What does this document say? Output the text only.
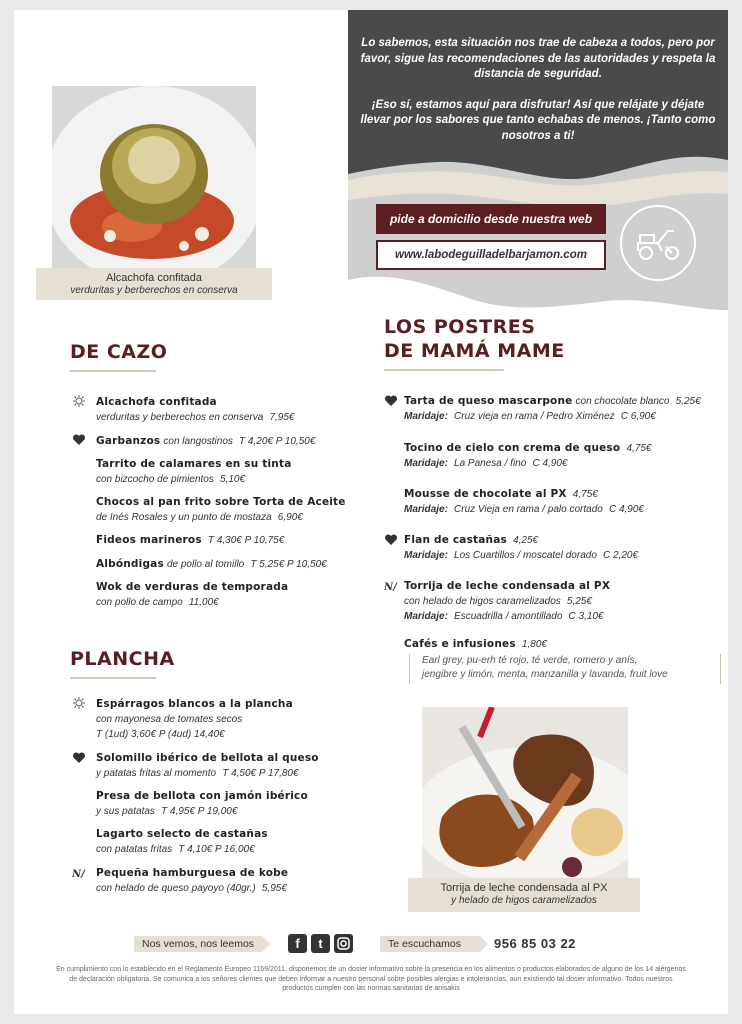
Lo sabemos, esta situación nos trae de cabeza a todos, pero por favor, sigue las recomendaciones de las autoridades y respeta la distancia de seguridad.

¡Eso sí, estamos aquí para disfrutar! Así que relájate y déjate llevar por los sabores que tanto echabas de menos. ¡Tanto como nosotros a ti!

pide a domicilio desde nuestra web
www.labodeguilladelbarjamon.com
Alcachofa confitada
verduritas y berberechos en conserva
DE CAZO
Alcachofa confitada
verduritas y berberechos en conserva 7,95€
Garbanzos con langostinos T 4,20€ P 10,50€
Tarrito de calamares en su tinta
con bizcocho de pimientos 5,10€
Chocos al pan frito sobre Torta de Aceite
de Inés Rosales y un punto de mostaza 6,90€
Fideos marineros T 4,30€ P 10,75€
Albóndigas de pollo al tomillo T 5,25€ P 10,50€
Wok de verduras de temporada
con pollo de campo 11,00€
PLANCHA
Espárragos blancos a la plancha
con mayonesa de tomates secos
T (1ud) 3,60€ P (4ud) 14,40€
Solomillo ibérico de bellota al queso
y patatas fritas al momento T 4,50€ P 17,80€
Presa de bellota con jamón ibérico
y sus patatas T 4,95€ P 19,00€
Lagarto selecto de castañas
con patatas fritas T 4,10€ P 16,00€
N/ Pequeña hamburguesa de kobe
con helado de queso payoyo (40gr.) 5,95€
LOS POSTRES
DE MAMÁ MAME
Tarta de queso mascarpone con chocolate blanco 5,25€
Maridaje: Cruz vieja en rama / Pedro Ximénez C 6,90€
Tocino de cielo con crema de queso 4,75€
Maridaje: La Panesa / fino C 4,90€
Mousse de chocolate al PX 4,75€
Maridaje: Cruz Vieja en rama / palo cortado C 4,90€
Flan de castañas 4,25€
Maridaje: Los Cuartillos / moscatel dorado C 2,20€
N/ Torrija de leche condensada al PX
con helado de higos caramelizados 5,25€
Maridaje: Escuadrilla / amontillado C 3,10€
Cafés e infusiones 1,80€
Earl grey, pu-erh té rojo, té verde, romero y anís,
jengibre y limón, menta, manzanilla y lavanda, fruit love
Torrija de leche condensada al PX
y helado de higos caramelizados
Nos vemos, nos leemos	f	t	Te escuchamos	956 85 03 22
En cumplimiento con lo establecido en el Reglamento Europeo 1169/2011, disponemos de un dosier informativo sobre la presencia en los alimentos o productos elaborados de alguno de los 14 alérgenos de declaración obligatoria. Se comunica a los señores clientes que deben informar a nuestro personal sobre posibles alergias e intolerancias, aun existiendo tal dosier informativo. Todos nuestros productos cumplen con las normas sanitarias de anisakis
